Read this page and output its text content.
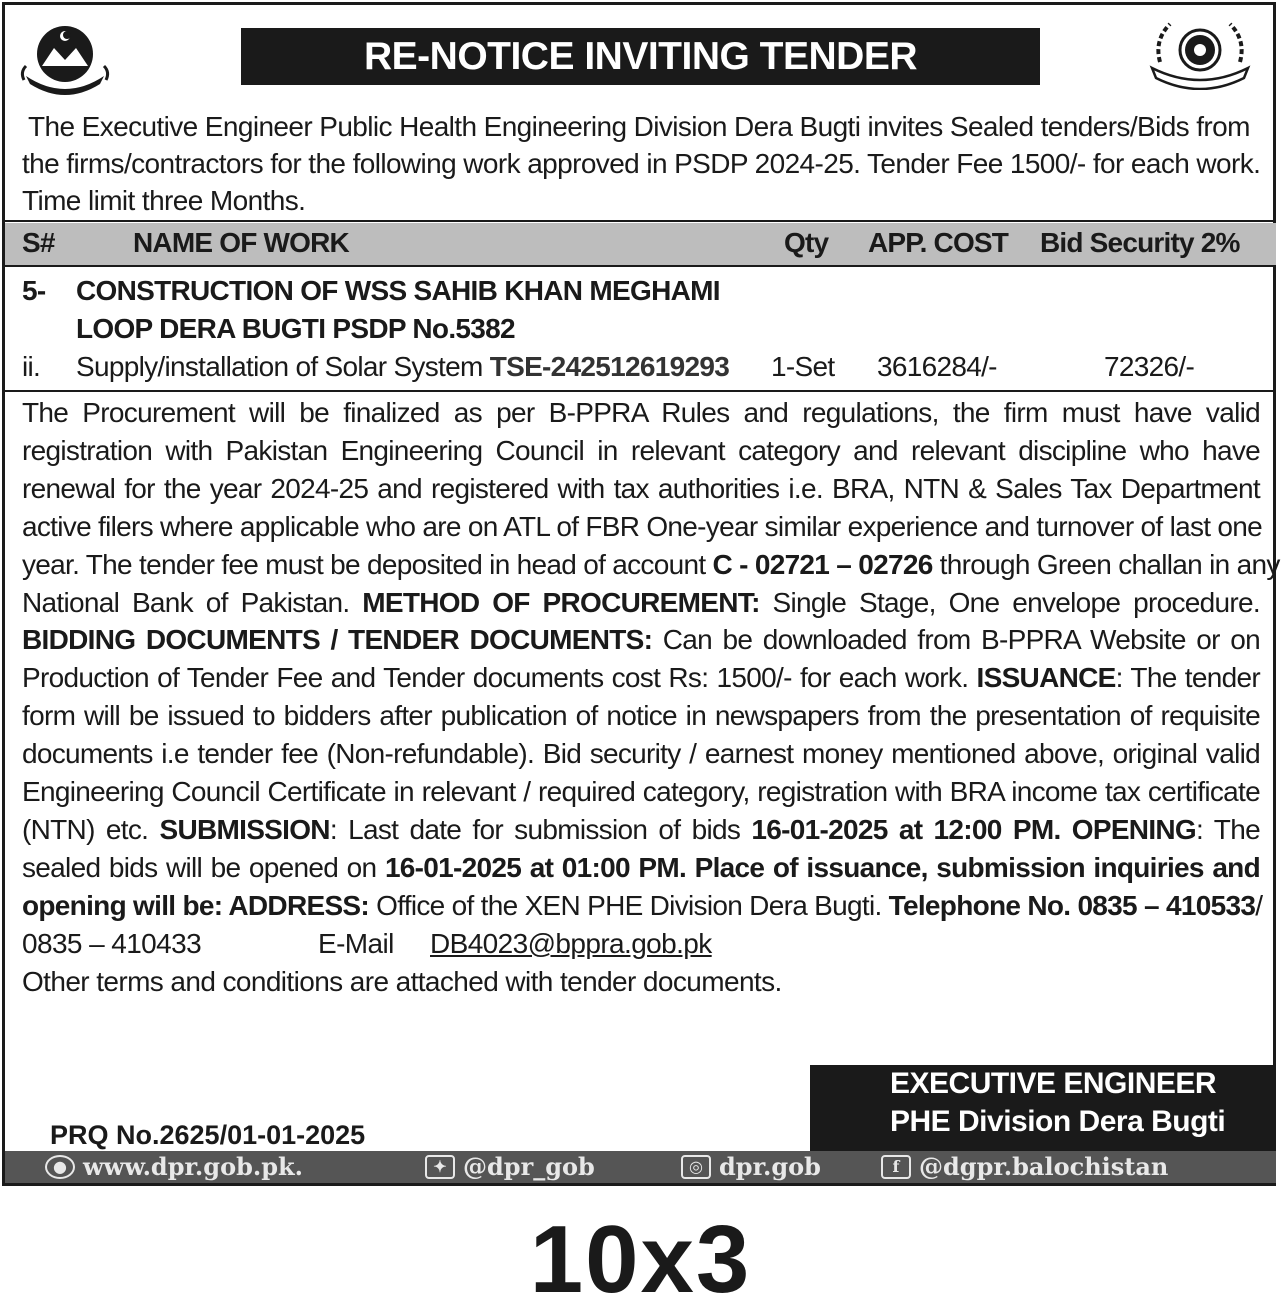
RE-NOTICE INVITING TENDER
The Executive Engineer Public Health Engineering Division Dera Bugti invites Sealed tenders/Bids from
the firms/contractors for the following work approved in PSDP 2024-25. Tender Fee 1500/- for each work.
Time limit three Months.
S#	NAME OF WORK	Qty APP. COST Bid Security 2%
5- CONSTRUCTION OF WSS SAHIB KHAN MEGHAMI
LOOP DERA BUGTI PSDP No.5382
ii. Supply/installation of Solar System TSE-242512619293 1-Set 3616284/-	72326/-
The Procurement will be finalized as per B-PPRA Rules and regulations, the firm must have valid
registration with Pakistan Engineering Council in relevant category and relevant discipline who have
renewal for the year 2024-25 and registered with tax authorities i.e. BRA, NTN & Sales Tax Department
active filers where applicable who are on ATL of FBR One-year similar experience and turnover of last one
year. The tender fee must be deposited in head of account C - 02721 – 02726 through Green challan in any
National Bank of Pakistan. METHOD OF PROCUREMENT: Single Stage, One envelope procedure.
BIDDING DOCUMENTS / TENDER DOCUMENTS: Can be downloaded from B-PPRA Website or on
Production of Tender Fee and Tender documents cost Rs: 1500/- for each work. ISSUANCE: The tender
form will be issued to bidders after publication of notice in newspapers from the presentation of requisite
documents i.e tender fee (Non-refundable). Bid security / earnest money mentioned above, original valid
Engineering Council Certificate in relevant / required category, registration with BRA income tax certificate
(NTN) etc. SUBMISSION: Last date for submission of bids 16-01-2025 at 12:00 PM. OPENING: The
sealed bids will be opened on 16-01-2025 at 01:00 PM. Place of issuance, submission inquiries and
opening will be: ADDRESS: Office of the XEN PHE Division Dera Bugti. Telephone No. 0835 – 410533/
0835 – 410433	E-Mail DB4023@bppra.gob.pk
Other terms and conditions are attached with tender documents.
EXECUTIVE ENGINEER
PHE Division Dera Bugti
PRQ No.2625/01-01-2025
● www.dpr.gob.pk.	✦ @dpr_gob	◎ dpr.gob	f @dgpr.balochistan
10x3
